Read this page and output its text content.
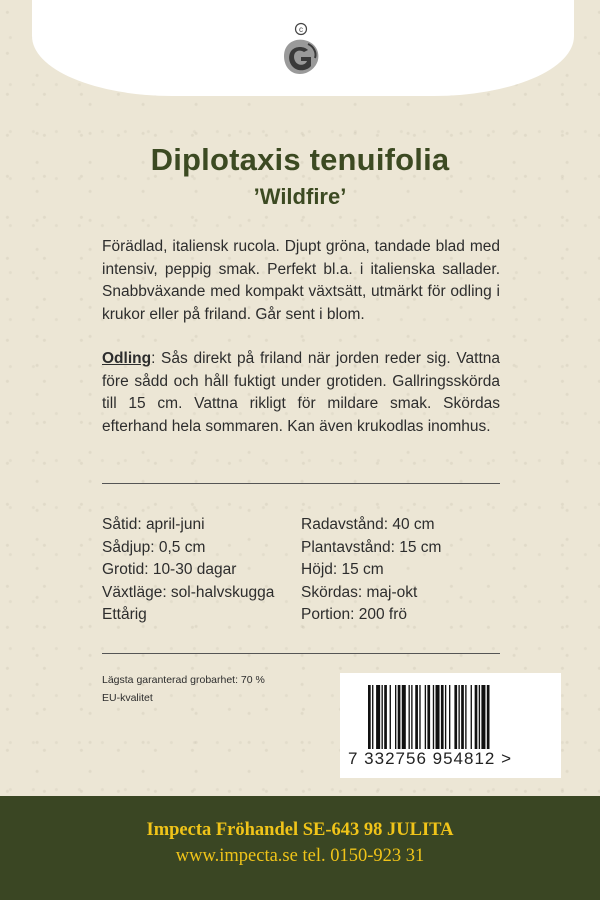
c
Diplotaxis tenuifolia
’Wildfire’
Förädlad, italiensk rucola. Djupt gröna, tandade blad med intensiv, peppig smak. Perfekt bl.a. i italienska sallader. Snabbväxande med kompakt växtsätt, utmärkt för odling i krukor eller på friland. Går sent i blom.
Odling: Sås direkt på friland när jorden reder sig. Vattna före sådd och håll fuktigt under grotiden. Gallringsskörda till 15 cm. Vattna rikligt för mildare smak. Skördas efterhand hela sommaren. Kan även krukodlas inomhus.
Såtid: april-juni
Sådjup: 0,5 cm
Grotid: 10-30 dagar
Växtläge: sol-halvskugga
Ettårig
Radavstånd: 40 cm
Plantavstånd: 15 cm
Höjd: 15 cm
Skördas: maj-okt
Portion: 200 frö
Lägsta garanterad grobarhet: 70 %
EU-kvalitet
7 332756 954812 >
Impecta Fröhandel SE-643 98 JULITA
www.impecta.se tel. 0150-923 31
